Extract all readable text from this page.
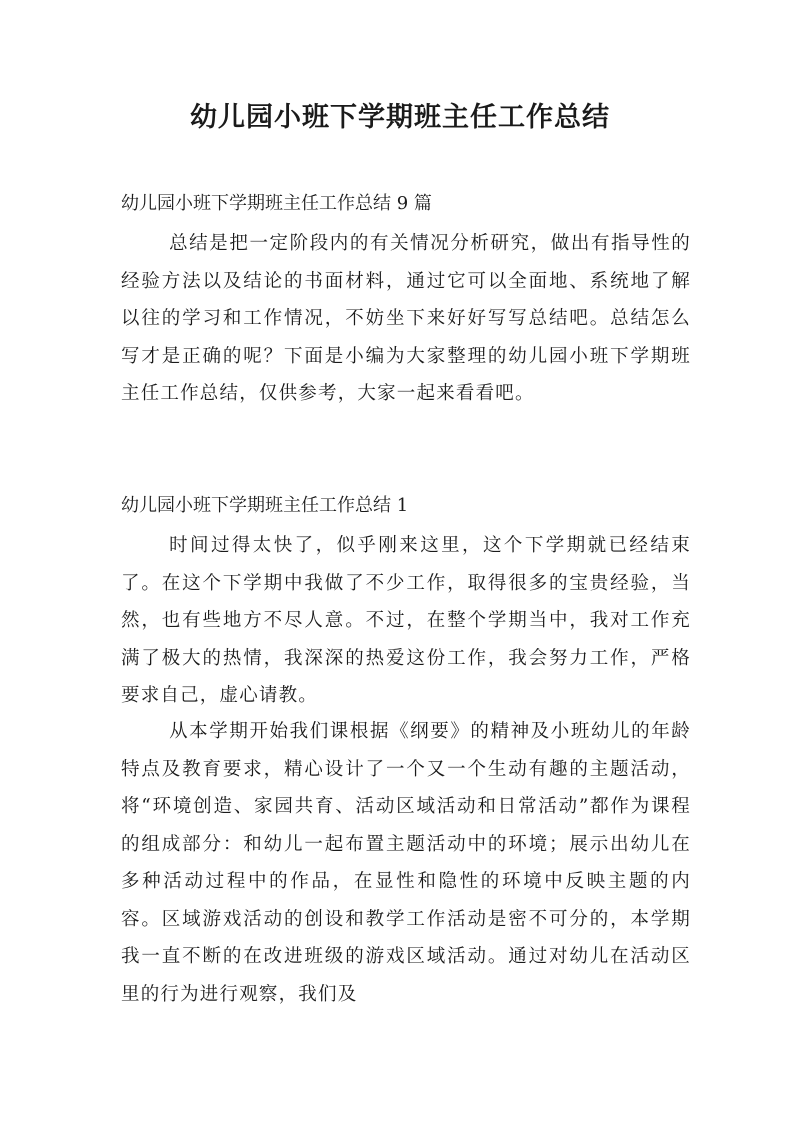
幼儿园小班下学期班主任工作总结
幼儿园小班下学期班主任工作总结 9 篇
总结是把一定阶段内的有关情况分析研究，做出有指导性的经验方法以及结论的书面材料，通过它可以全面地、系统地了解以往的学习和工作情况，不妨坐下来好好写写总结吧。总结怎么写才是正确的呢？下面是小编为大家整理的幼儿园小班下学期班主任工作总结，仅供参考，大家一起来看看吧。
幼儿园小班下学期班主任工作总结 1
时间过得太快了，似乎刚来这里，这个下学期就已经结束了。在这个下学期中我做了不少工作，取得很多的宝贵经验，当然，也有些地方不尽人意。不过，在整个学期当中，我对工作充满了极大的热情，我深深的热爱这份工作，我会努力工作，严格要求自己，虚心请教。
从本学期开始我们课根据《纲要》的精神及小班幼儿的年龄特点及教育要求，精心设计了一个又一个生动有趣的主题活动，将“环境创造、家园共育、活动区域活动和日常活动”都作为课程的组成部分：和幼儿一起布置主题活动中的环境；展示出幼儿在多种活动过程中的作品，在显性和隐性的环境中反映主题的内容。区域游戏活动的创设和教学工作活动是密不可分的，本学期我一直不断的在改进班级的游戏区域活动。通过对幼儿在活动区里的行为进行观察，我们及
